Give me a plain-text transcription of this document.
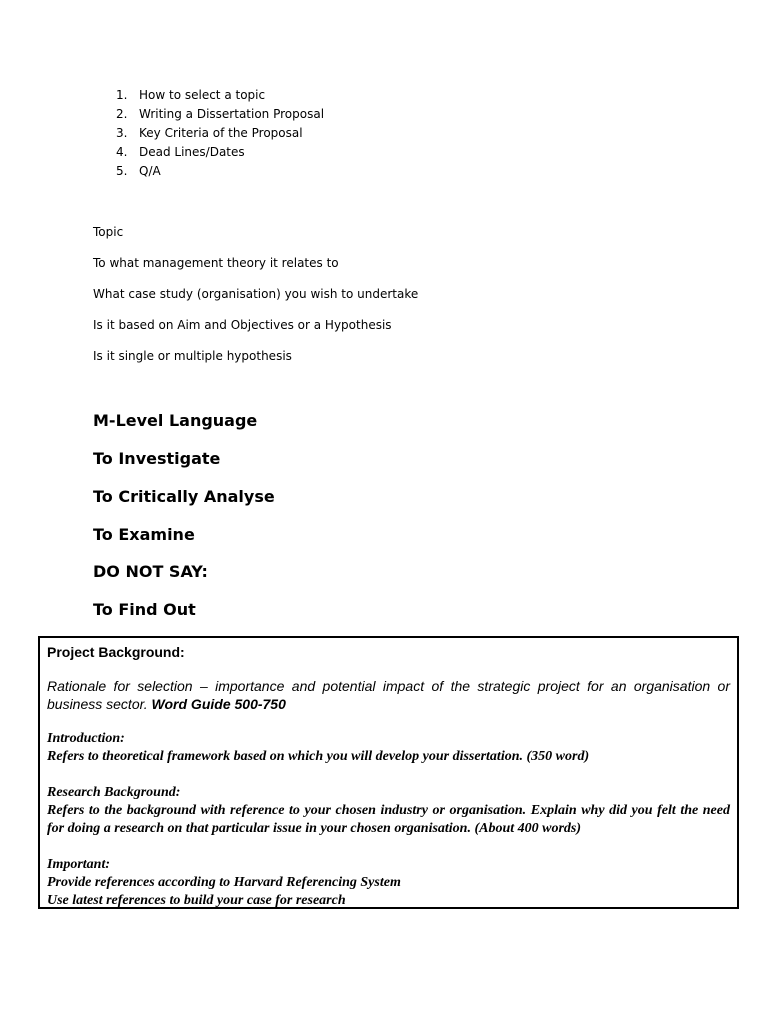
1. How to select a topic
2. Writing a Dissertation Proposal
3. Key Criteria of the Proposal
4. Dead Lines/Dates
5. Q/A

Topic

To what management theory it relates to

What case study (organisation) you wish to undertake

Is it based on Aim and Objectives or a Hypothesis

Is it single or multiple hypothesis

M-Level Language

To Investigate

To Critically Analyse

To Examine

DO NOT SAY:

To Find Out

Project Background:

Rationale for selection – importance and potential impact of the strategic project for an organisation or business sector. Word Guide 500-750

Introduction:
Refers to theoretical framework based on which you will develop your dissertation. (350 word)

Research Background:
Refers to the background with reference to your chosen industry or organisation. Explain why did you felt the need for doing a research on that particular issue in your chosen organisation. (About 400 words)

Important:
Provide references according to Harvard Referencing System
Use latest references to build your case for research
